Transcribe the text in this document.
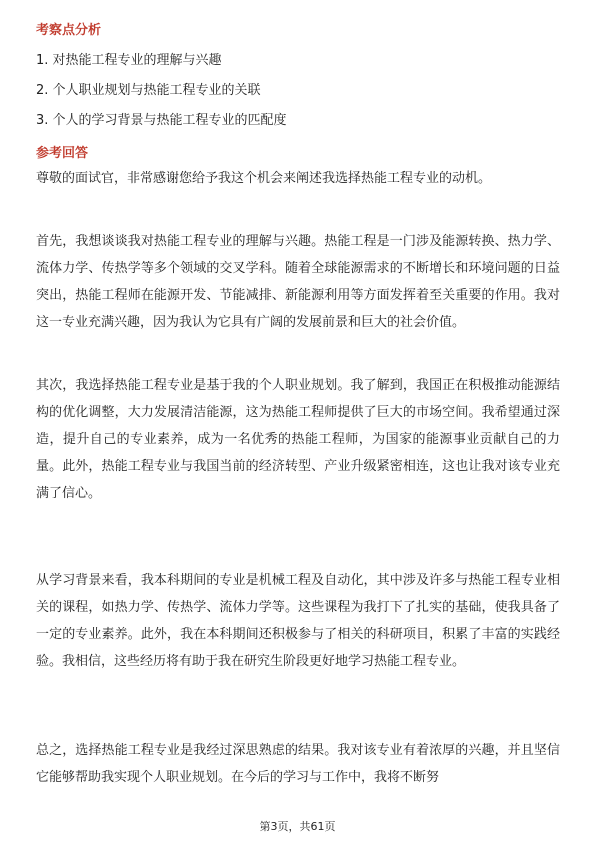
考察点分析
1. 对热能工程专业的理解与兴趣
2. 个人职业规划与热能工程专业的关联
3. 个人的学习背景与热能工程专业的匹配度
参考回答
尊敬的面试官，非常感谢您给予我这个机会来阐述我选择热能工程专业的动机。
首先，我想谈谈我对热能工程专业的理解与兴趣。热能工程是一门涉及能源转换、热力学、流体力学、传热学等多个领域的交叉学科。随着全球能源需求的不断增长和环境问题的日益突出，热能工程师在能源开发、节能减排、新能源利用等方面发挥着至关重要的作用。我对这一专业充满兴趣，因为我认为它具有广阔的发展前景和巨大的社会价值。
其次，我选择热能工程专业是基于我的个人职业规划。我了解到，我国正在积极推动能源结构的优化调整，大力发展清洁能源，这为热能工程师提供了巨大的市场空间。我希望通过深造，提升自己的专业素养，成为一名优秀的热能工程师，为国家的能源事业贡献自己的力量。此外，热能工程专业与我国当前的经济转型、产业升级紧密相连，这也让我对该专业充满了信心。
从学习背景来看，我本科期间的专业是机械工程及自动化，其中涉及许多与热能工程专业相关的课程，如热力学、传热学、流体力学等。这些课程为我打下了扎实的基础，使我具备了一定的专业素养。此外，我在本科期间还积极参与了相关的科研项目，积累了丰富的实践经验。我相信，这些经历将有助于我在研究生阶段更好地学习热能工程专业。
总之，选择热能工程专业是我经过深思熟虑的结果。我对该专业有着浓厚的兴趣，并且坚信它能够帮助我实现个人职业规划。在今后的学习与工作中，我将不断努
第3页，共61页
